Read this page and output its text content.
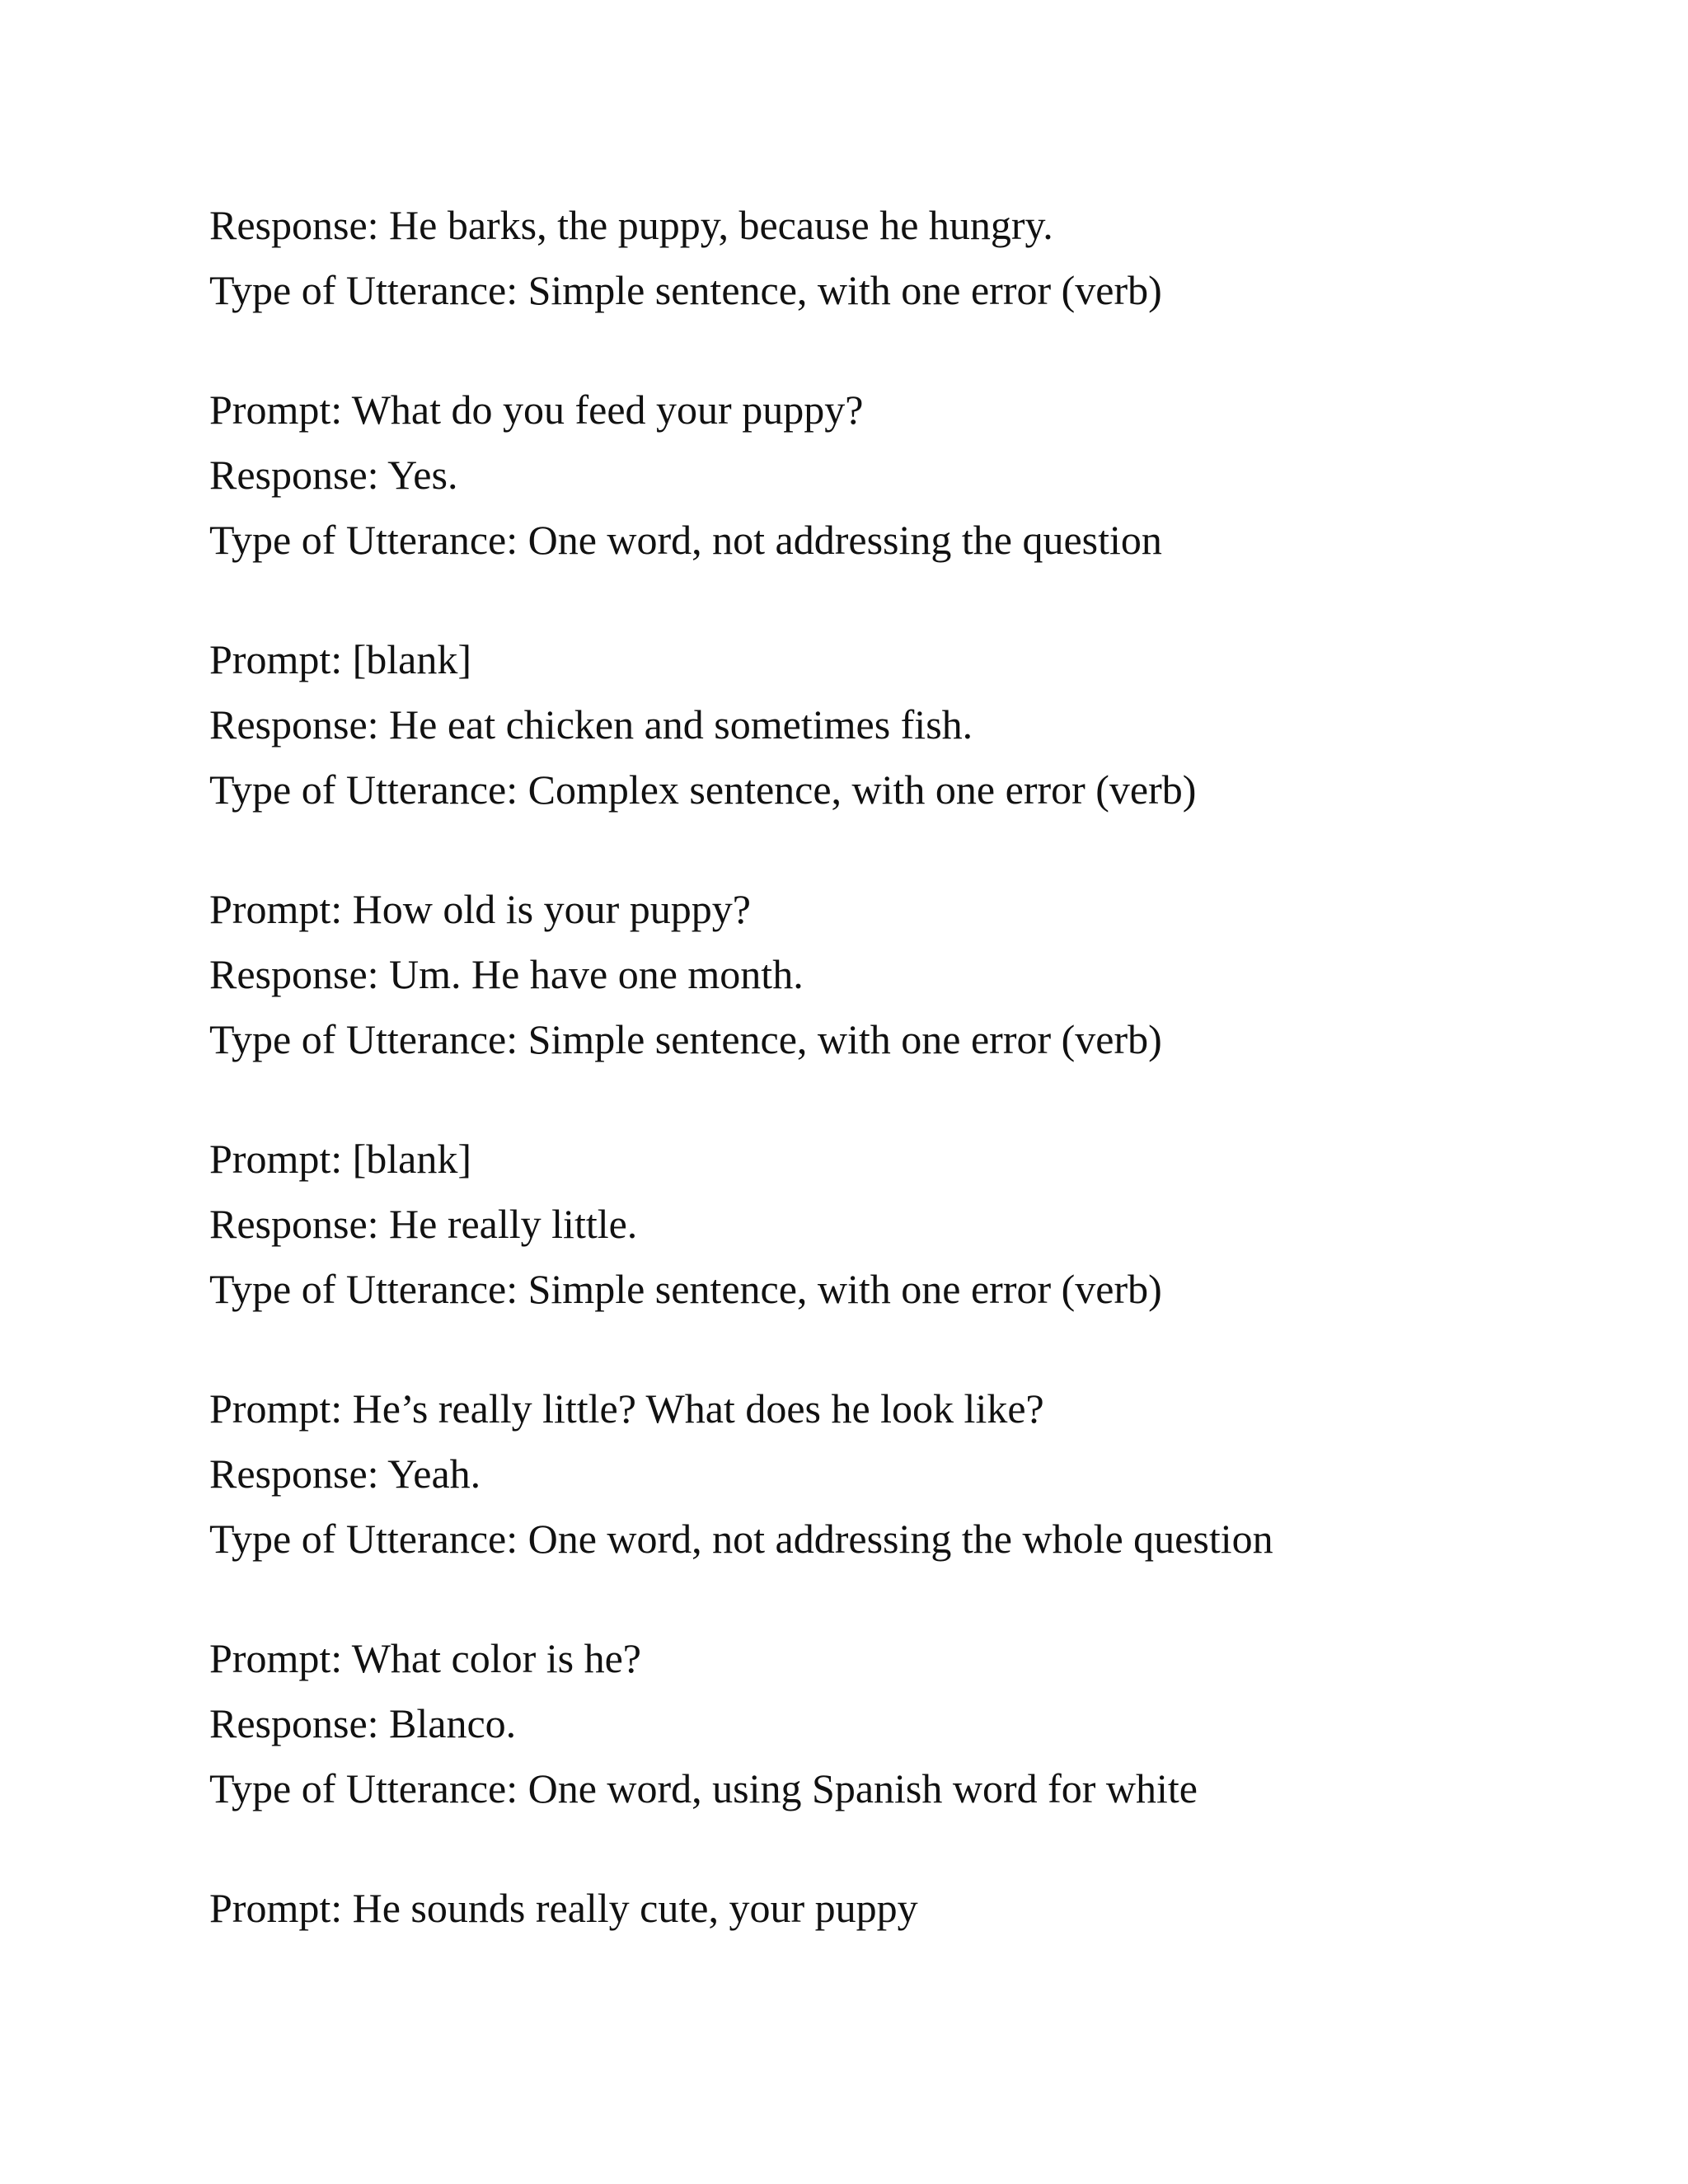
Response: He barks, the puppy, because he hungry.

Type of Utterance: Simple sentence, with one error (verb)

Prompt: What do you feed your puppy?

Response: Yes.

Type of Utterance: One word, not addressing the question

Prompt: [blank]

Response: He eat chicken and sometimes fish.

Type of Utterance: Complex sentence, with one error (verb)

Prompt: How old is your puppy?

Response: Um. He have one month.

Type of Utterance: Simple sentence, with one error (verb)

Prompt: [blank]

Response: He really little.

Type of Utterance: Simple sentence, with one error (verb)

Prompt: He’s really little? What does he look like?

Response: Yeah.

Type of Utterance: One word, not addressing the whole question

Prompt: What color is he?

Response: Blanco.

Type of Utterance: One word, using Spanish word for white

Prompt: He sounds really cute, your puppy
